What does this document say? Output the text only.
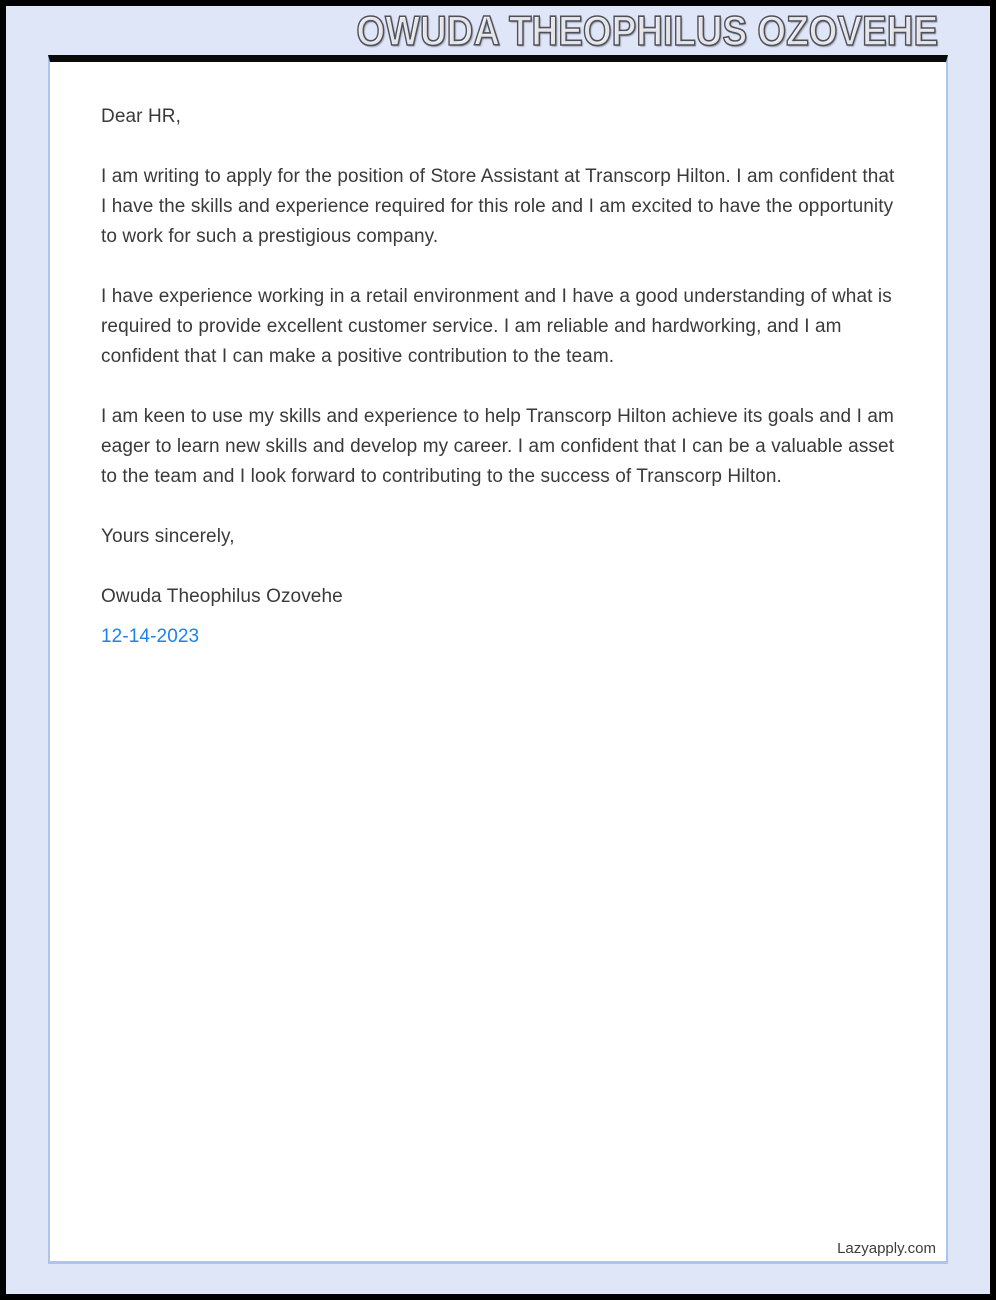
OWUDA THEOPHILUS OZOVEHE

Dear HR,

I am writing to apply for the position of Store Assistant at Transcorp Hilton. I am confident that I have the skills and experience required for this role and I am excited to have the opportunity to work for such a prestigious company.

I have experience working in a retail environment and I have a good understanding of what is required to provide excellent customer service. I am reliable and hardworking, and I am confident that I can make a positive contribution to the team.

I am keen to use my skills and experience to help Transcorp Hilton achieve its goals and I am eager to learn new skills and develop my career. I am confident that I can be a valuable asset to the team and I look forward to contributing to the success of Transcorp Hilton.

Yours sincerely,

Owuda Theophilus Ozovehe

12-14-2023
Lazyapply.com
